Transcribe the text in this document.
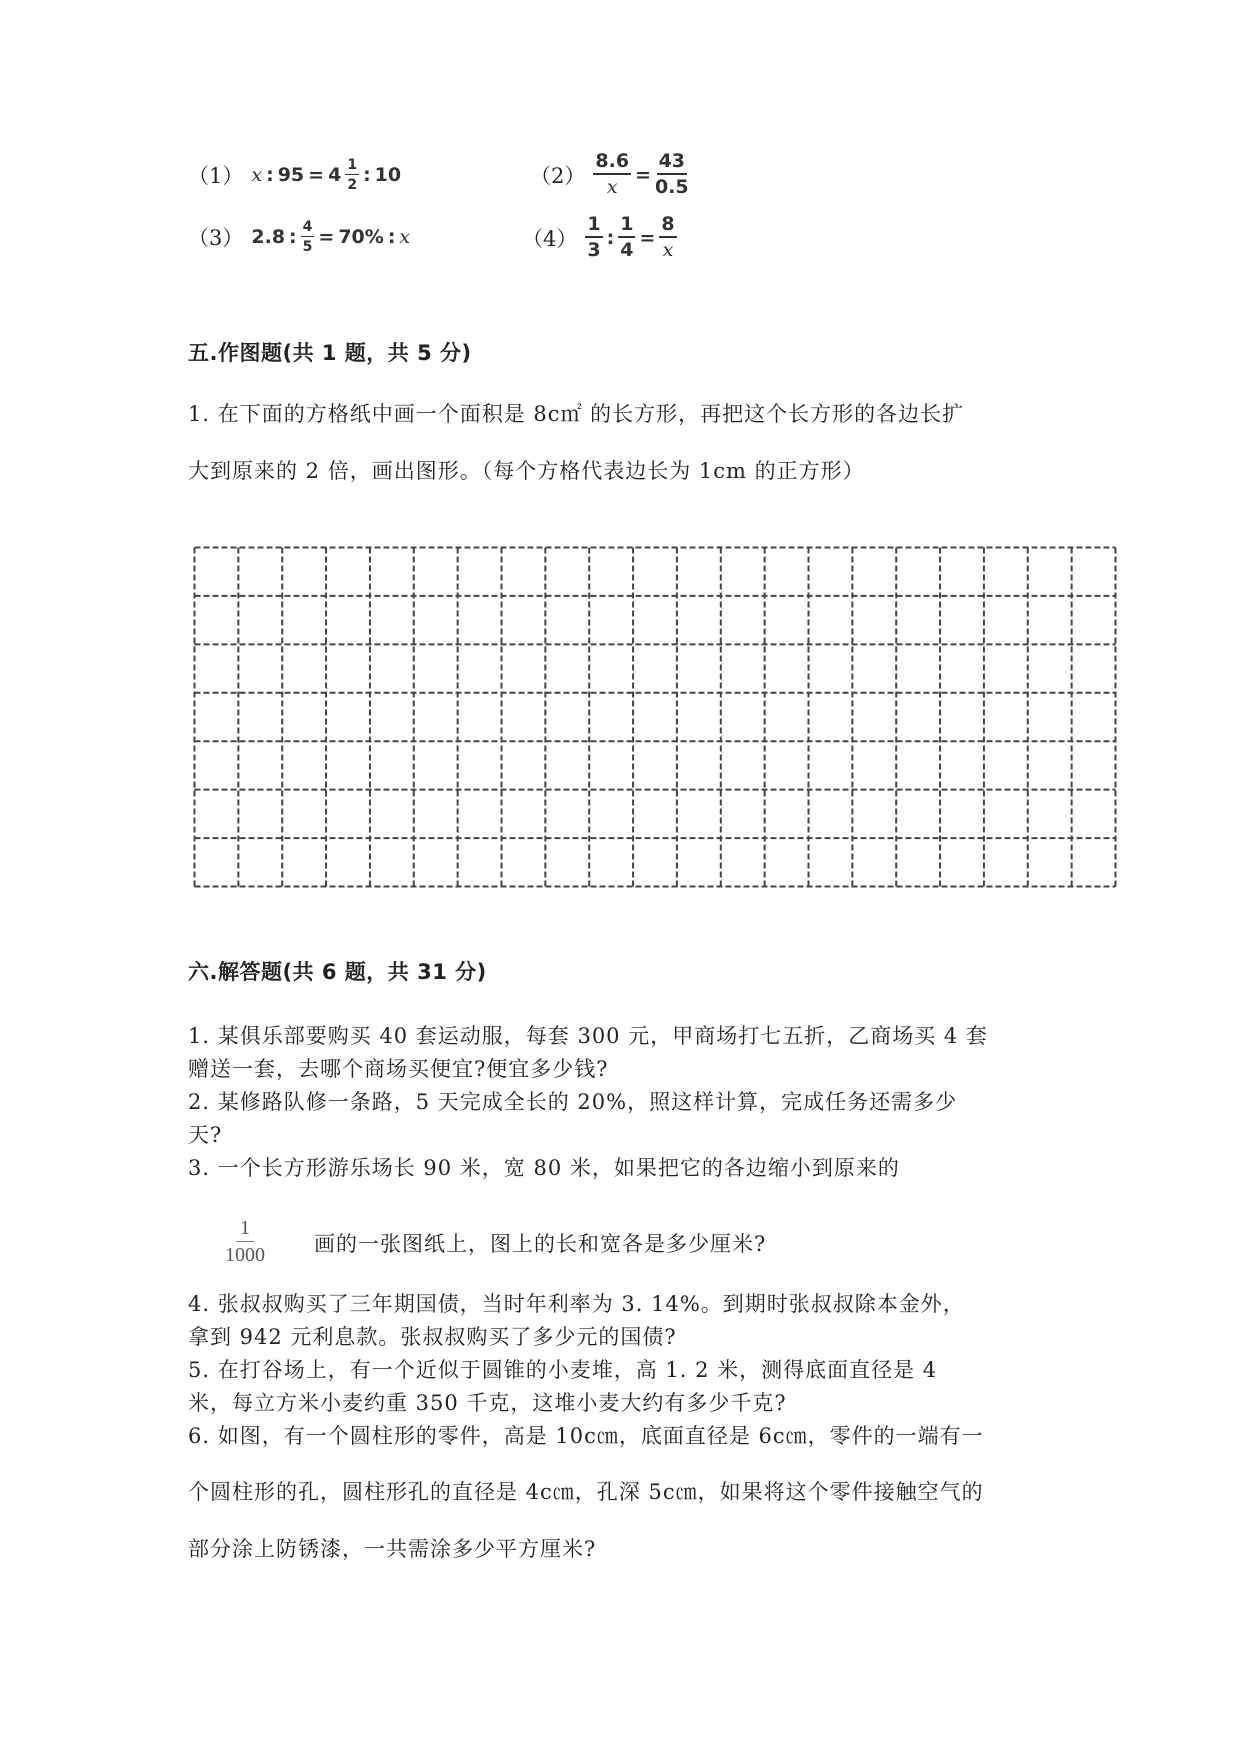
（1） x : $95 = 4 \frac{1}{2}$ : 10	$(2) \frac{8.6}{x} = \frac{43}{0.5}$
（3） 2.8 : $\frac{4}{5} = 70\%$ : x	$(4) \frac{1}{3}$ : $\frac{1}{4} = \frac{8}{x}$
五.作图题(共 1 题，共 5 分)
1. 在下面的方格纸中画一个面积是 8c㎡ 的长方形，再把这个长方形的各边长扩
大到原来的 2 倍，画出图形。（每个方格代表边长为 1cm 的正方形）
六.解答题(共 6 题，共 31 分)
1. 某俱乐部要购买 40 套运动服，每套 300 元，甲商场打七五折，乙商场买 4 套
赠送一套，去哪个商场买便宜?便宜多少钱?
2. 某修路队修一条路，5 天完成全长的 20%，照这样计算，完成任务还需多少
天?
3. 一个长方形游乐场长 90 米，宽 80 米，如果把它的各边缩小到原来的
$\frac{1}{1000}$ 画的一张图纸上，图上的长和宽各是多少厘米?
4. 张叔叔购买了三年期国债，当时年利率为 3. 14%。到期时张叔叔除本金外，
拿到 942 元利息款。张叔叔购买了多少元的国债?
5. 在打谷场上，有一个近似于圆锥的小麦堆，高 1. 2 米，测得底面直径是 4
米，每立方米小麦约重 350 千克，这堆小麦大约有多少千克?
6. 如图，有一个圆柱形的零件，高是 10c㎝，底面直径是 6c㎝，零件的一端有一
个圆柱形的孔，圆柱形孔的直径是 4c㎝，孔深 5c㎝，如果将这个零件接触空气的
部分涂上防锈漆，一共需涂多少平方厘米?
